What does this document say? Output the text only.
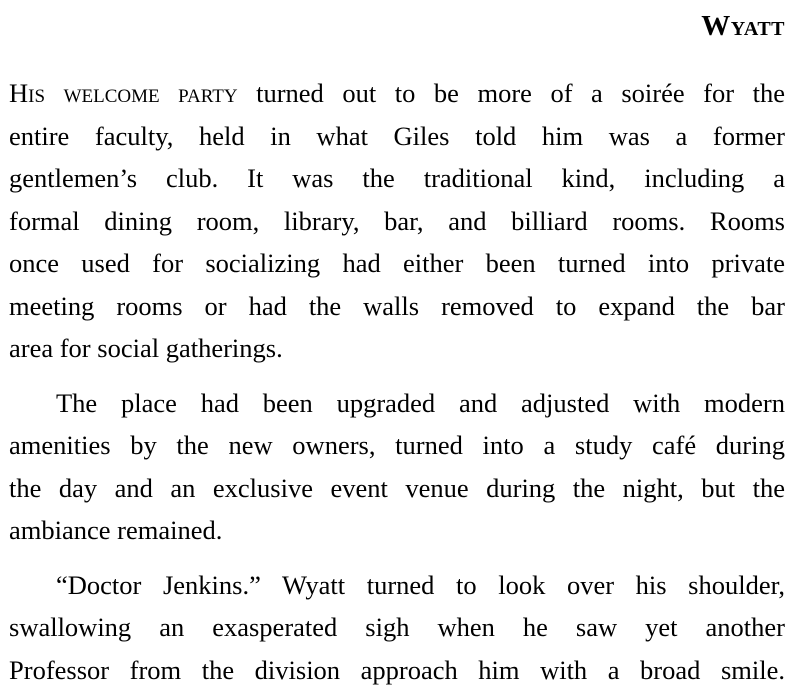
Wyatt
His welcome party turned out to be more of a soirée for the
entire faculty, held in what Giles told him was a former
gentlemen’s club. It was the traditional kind, including a
formal dining room, library, bar, and billiard rooms. Rooms
once used for socializing had either been turned into private
meeting rooms or had the walls removed to expand the bar
area for social gatherings.
The place had been upgraded and adjusted with modern
amenities by the new owners, turned into a study café during
the day and an exclusive event venue during the night, but the
ambiance remained.
“Doctor Jenkins.” Wyatt turned to look over his shoulder,
swallowing an exasperated sigh when he saw yet another
Professor from the division approach him with a broad smile.
